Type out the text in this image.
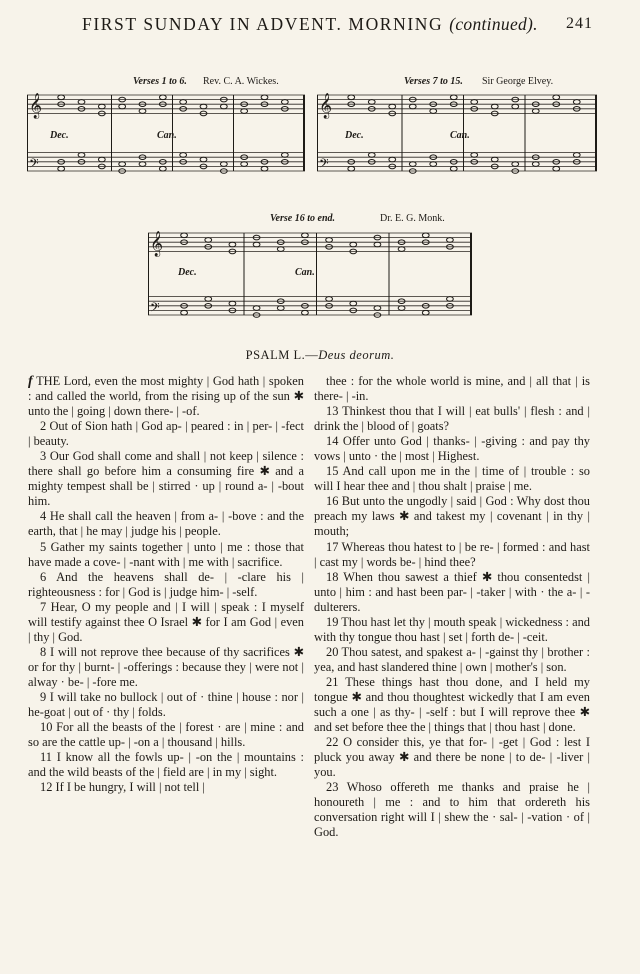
FIRST SUNDAY IN ADVENT. MORNING (continued). 241
Verses 1 to 6. Rev. C. A. Wickes.
𝄞
𝄢
Dec.	Can.
Verses 7 to 15. Sir George Elvey.
𝄞
𝄢
Dec.	Can.
Verse 16 to end.	Dr. E. G. Monk.
𝄞
𝄢
Dec.	Can.
PSALM L.—Deus deorum.

f THE Lord, even the most mighty | God hath | spoken : and called the world, from the rising up of the sun ✱ unto the | going | down there- | -of.

2 Out of Sion hath | God ap- | peared : in | per- | -fect | beauty.

3 Our God shall come and shall | not keep | silence : there shall go before him a consuming fire ✱ and a mighty tempest shall be | stirred · up | round a- | -bout him.

4 He shall call the heaven | from a- | -bove : and the earth, that | he may | judge his | people.

5 Gather my saints together | unto | me : those that have made a cove- | -nant with | me with | sacrifice.

6 And the heavens shall de- | -clare his | righteousness : for | God is | judge him- | -self.

7 Hear, O my people and | I will | speak : I myself will testify against thee O Israel ✱ for I am God | even | thy | God.

8 I will not reprove thee because of thy sacrifices ✱ or for thy | burnt- | -offerings : because they | were not | alway · be- | -fore me.

9 I will take no bullock | out of · thine | house : nor | he-goat | out of · thy | folds.

10 For all the beasts of the | forest · are | mine : and so are the cattle up- | -on a | thousand | hills.

11 I know all the fowls up- | -on the | mountains : and the wild beasts of the | field are | in my | sight.

12 If I be hungry, I will | not tell |

thee : for the whole world is mine, and | all that | is there- | -in.

13 Thinkest thou that I will | eat bulls' | flesh : and | drink the | blood of | goats?

14 Offer unto God | thanks- | -giving : and pay thy vows | unto · the | most | Highest.

15 And call upon me in the | time of | trouble : so will I hear thee and | thou shalt | praise | me.

16 But unto the ungodly | said | God : Why dost thou preach my laws ✱ and takest my | covenant | in thy | mouth;

17 Whereas thou hatest to | be re- | formed : and hast | cast my | words be- | hind thee?

18 When thou sawest a thief ✱ thou consentedst | unto | him : and hast been par- | -taker | with · the a- | -dulterers.

19 Thou hast let thy | mouth speak | wickedness : and with thy tongue thou hast | set | forth de- | -ceit.

20 Thou satest, and spakest a- | -gainst thy | brother : yea, and hast slandered thine | own | mother's | son.

21 These things hast thou done, and I held my tongue ✱ and thou thoughtest wickedly that I am even such a one | as thy- | -self : but I will reprove thee ✱ and set before thee the | things that | thou hast | done.

22 O consider this, ye that for- | -get | God : lest I pluck you away ✱ and there be none | to de- | -liver | you.

23 Whoso offereth me thanks and praise he | honoureth | me : and to him that ordereth his conversation right will I | shew the · sal- | -vation · of | God.
